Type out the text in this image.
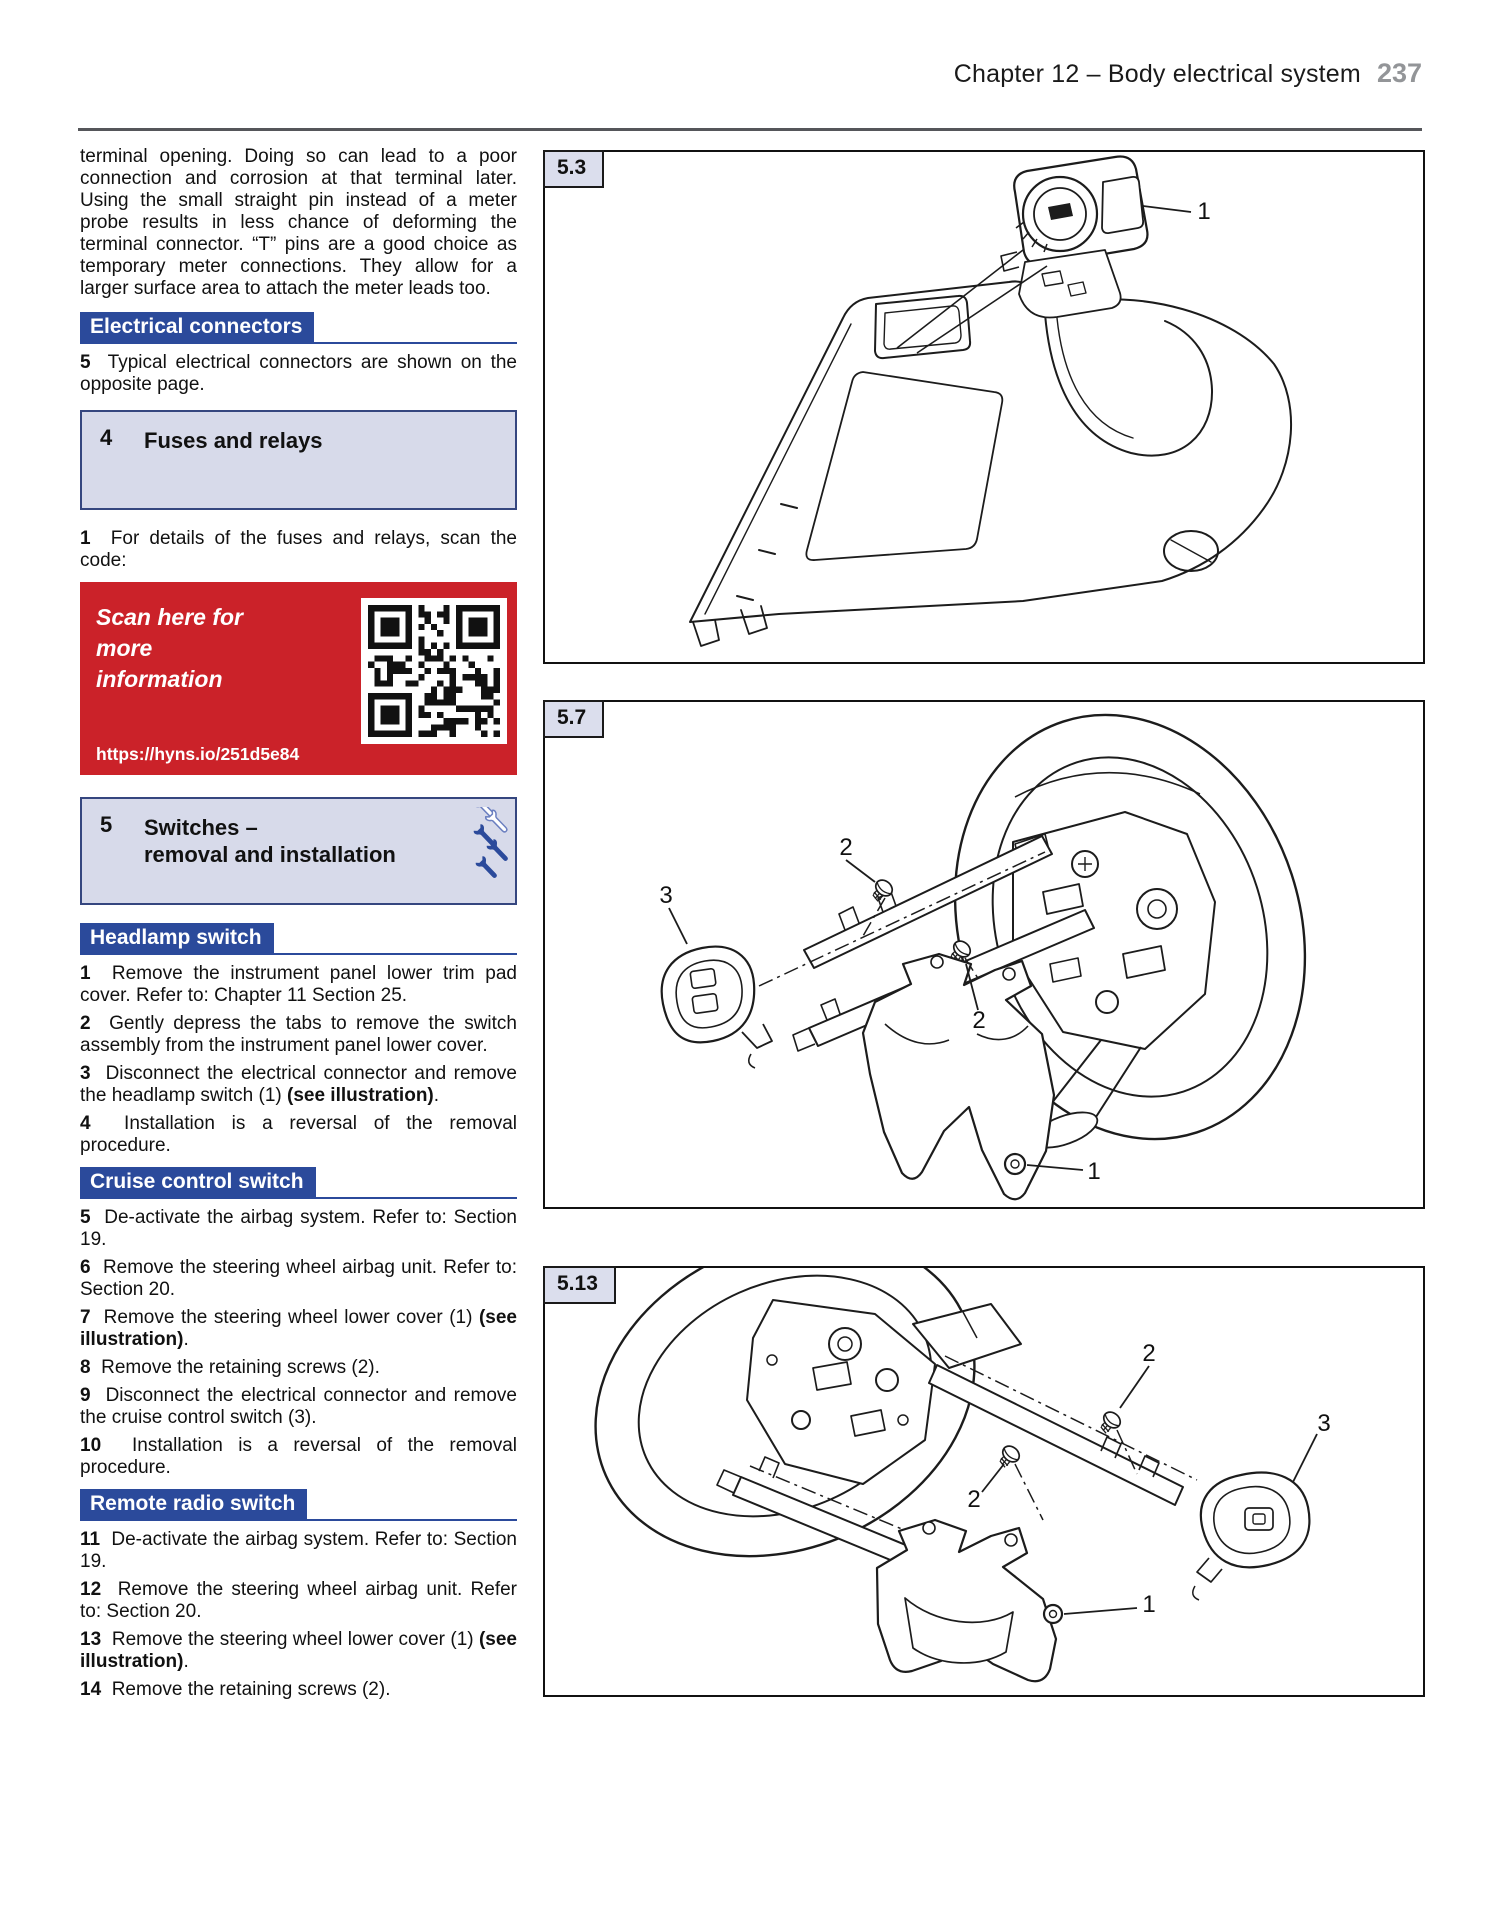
Chapter 12 – Body electrical system 237

terminal opening. Doing so can lead to a poor connection and corrosion at that terminal later. Using the small straight pin instead of a meter probe results in less chance of deforming the terminal connector. “T” pins are a good choice as temporary meter connections. They allow for a larger surface area to attach the meter leads too.

Electrical connectors

5  Typical electrical connectors are shown on the opposite page.

4	Fuses and relays

1  For details of the fuses and relays, scan the code:

Scan here for more information
https://hyns.io/251d5e84
5	Switches –
removal and installation
Headlamp switch

1  Remove the instrument panel lower trim pad cover. Refer to: Chapter 11 Section 25.

2  Gently depress the tabs to remove the switch assembly from the instrument panel lower cover.

3  Disconnect the electrical connector and remove the headlamp switch (1) (see illustration).

4  Installation is a reversal of the removal procedure.

Cruise control switch

5  De-activate the airbag system. Refer to: Section 19.

6  Remove the steering wheel airbag unit. Refer to: Section 20.

7  Remove the steering wheel lower cover (1) (see illustration).

8  Remove the retaining screws (2).

9  Disconnect the electrical connector and remove the cruise control switch (3).

10  Installation is a reversal of the removal procedure.

Remote radio switch

11  De-activate the airbag system. Refer to: Section 19.

12  Remove the steering wheel airbag unit. Refer to: Section 20.

13  Remove the steering wheel lower cover (1) (see illustration).

14  Remove the retaining screws (2).

5.3
1
5.7
2
3
2
1
5.13
2
3
2
1
